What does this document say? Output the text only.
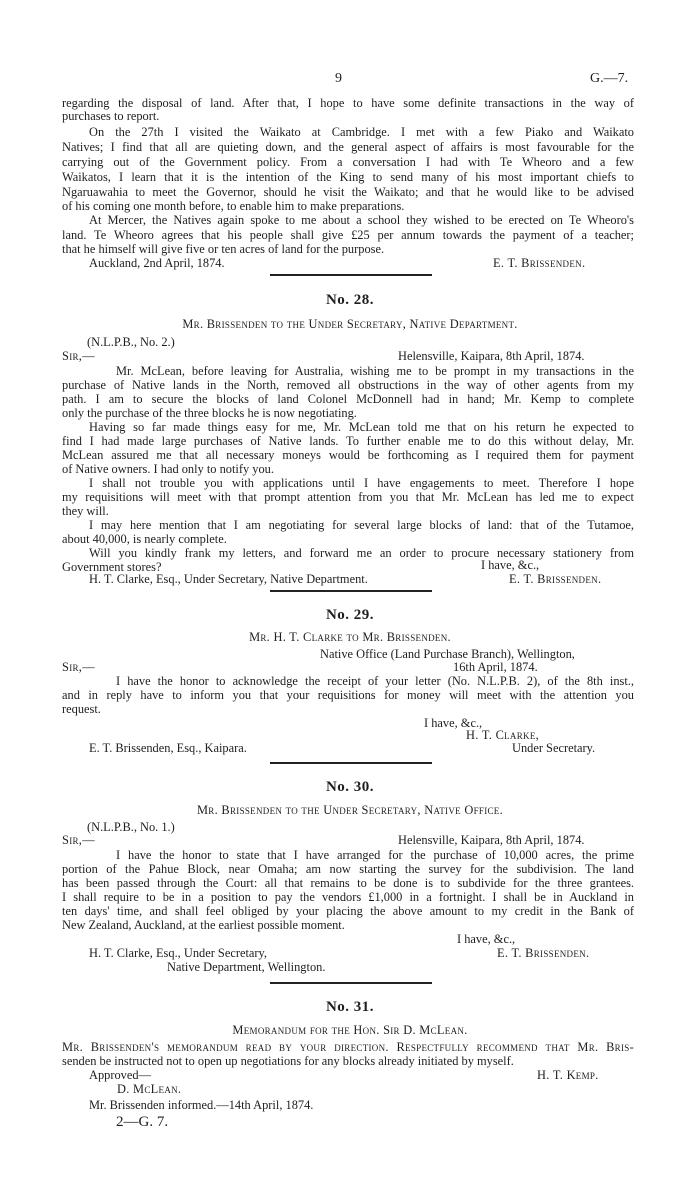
9	G.—7.
regarding the disposal of land. After that, I hope to have some definite transactions in the way of
purchases to report.
On the 27th I visited the Waikato at Cambridge. I met with a few Piako and Waikato
Natives; I find that all are quieting down, and the general aspect of affairs is most favourable for the
carrying out of the Government policy. From a conversation I had with Te Wheoro and a few
Waikatos, I learn that it is the intention of the King to send many of his most important chiefs to
Ngaruawahia to meet the Governor, should he visit the Waikato; and that he would like to be advised
of his coming one month before, to enable him to make preparations.
At Mercer, the Natives again spoke to me about a school they wished to be erected on Te Wheoro's
land. Te Wheoro agrees that his people shall give £25 per annum towards the payment of a teacher;
that he himself will give five or ten acres of land for the purpose.
Auckland, 2nd April, 1874.	E. T. Brissenden.
No. 28.
Mr. Brissenden to the Under Secretary, Native Department.
(N.L.P.B., No. 2.)
Sir,—	Helensville, Kaipara, 8th April, 1874.
Mr. McLean, before leaving for Australia, wishing me to be prompt in my transactions in the
purchase of Native lands in the North, removed all obstructions in the way of other agents from my
path. I am to secure the blocks of land Colonel McDonnell had in hand; Mr. Kemp to complete
only the purchase of the three blocks he is now negotiating.
Having so far made things easy for me, Mr. McLean told me that on his return he expected to
find I had made large purchases of Native lands. To further enable me to do this without delay, Mr.
McLean assured me that all necessary moneys would be forthcoming as I required them for payment
of Native owners. I had only to notify you.
I shall not trouble you with applications until I have engagements to meet. Therefore I hope
my requisitions will meet with that prompt attention from you that Mr. McLean has led me to expect
they will.
I may here mention that I am negotiating for several large blocks of land: that of the Tutamoe,
about 40,000, is nearly complete.
Will you kindly frank my letters, and forward me an order to procure necessary stationery from
Government stores?	I have, &c.,
H. T. Clarke, Esq., Under Secretary, Native Department.	E. T. Brissenden.
No. 29.
Mr. H. T. Clarke to Mr. Brissenden.
Native Office (Land Purchase Branch), Wellington,
Sir,—	16th April, 1874.
I have the honor to acknowledge the receipt of your letter (No. N.L.P.B. 2), of the 8th inst.,
and in reply have to inform you that your requisitions for money will meet with the attention you
request.
I have, &c.,
H. T. Clarke,
E. T. Brissenden, Esq., Kaipara.	Under Secretary.
No. 30.
Mr. Brissenden to the Under Secretary, Native Office.
(N.L.P.B., No. 1.)
Sir,—	Helensville, Kaipara, 8th April, 1874.
I have the honor to state that I have arranged for the purchase of 10,000 acres, the prime
portion of the Pahue Block, near Omaha; am now starting the survey for the subdivision. The land
has been passed through the Court: all that remains to be done is to subdivide for the three grantees.
I shall require to be in a position to pay the vendors £1,000 in a fortnight. I shall be in Auckland in
ten days' time, and shall feel obliged by your placing the above amount to my credit in the Bank of
New Zealand, Auckland, at the earliest possible moment.
I have, &c.,
H. T. Clarke, Esq., Under Secretary,	E. T. Brissenden.
Native Department, Wellington.
No. 31.
Memorandum for the Hon. Sir D. McLean.
Mr. Brissenden's memorandum read by your direction. Respectfully recommend that Mr. Bris-
senden be instructed not to open up negotiations for any blocks already initiated by myself.
Approved—	H. T. Kemp.
D. McLean.
Mr. Brissenden informed.—14th April, 1874.
2—G. 7.
